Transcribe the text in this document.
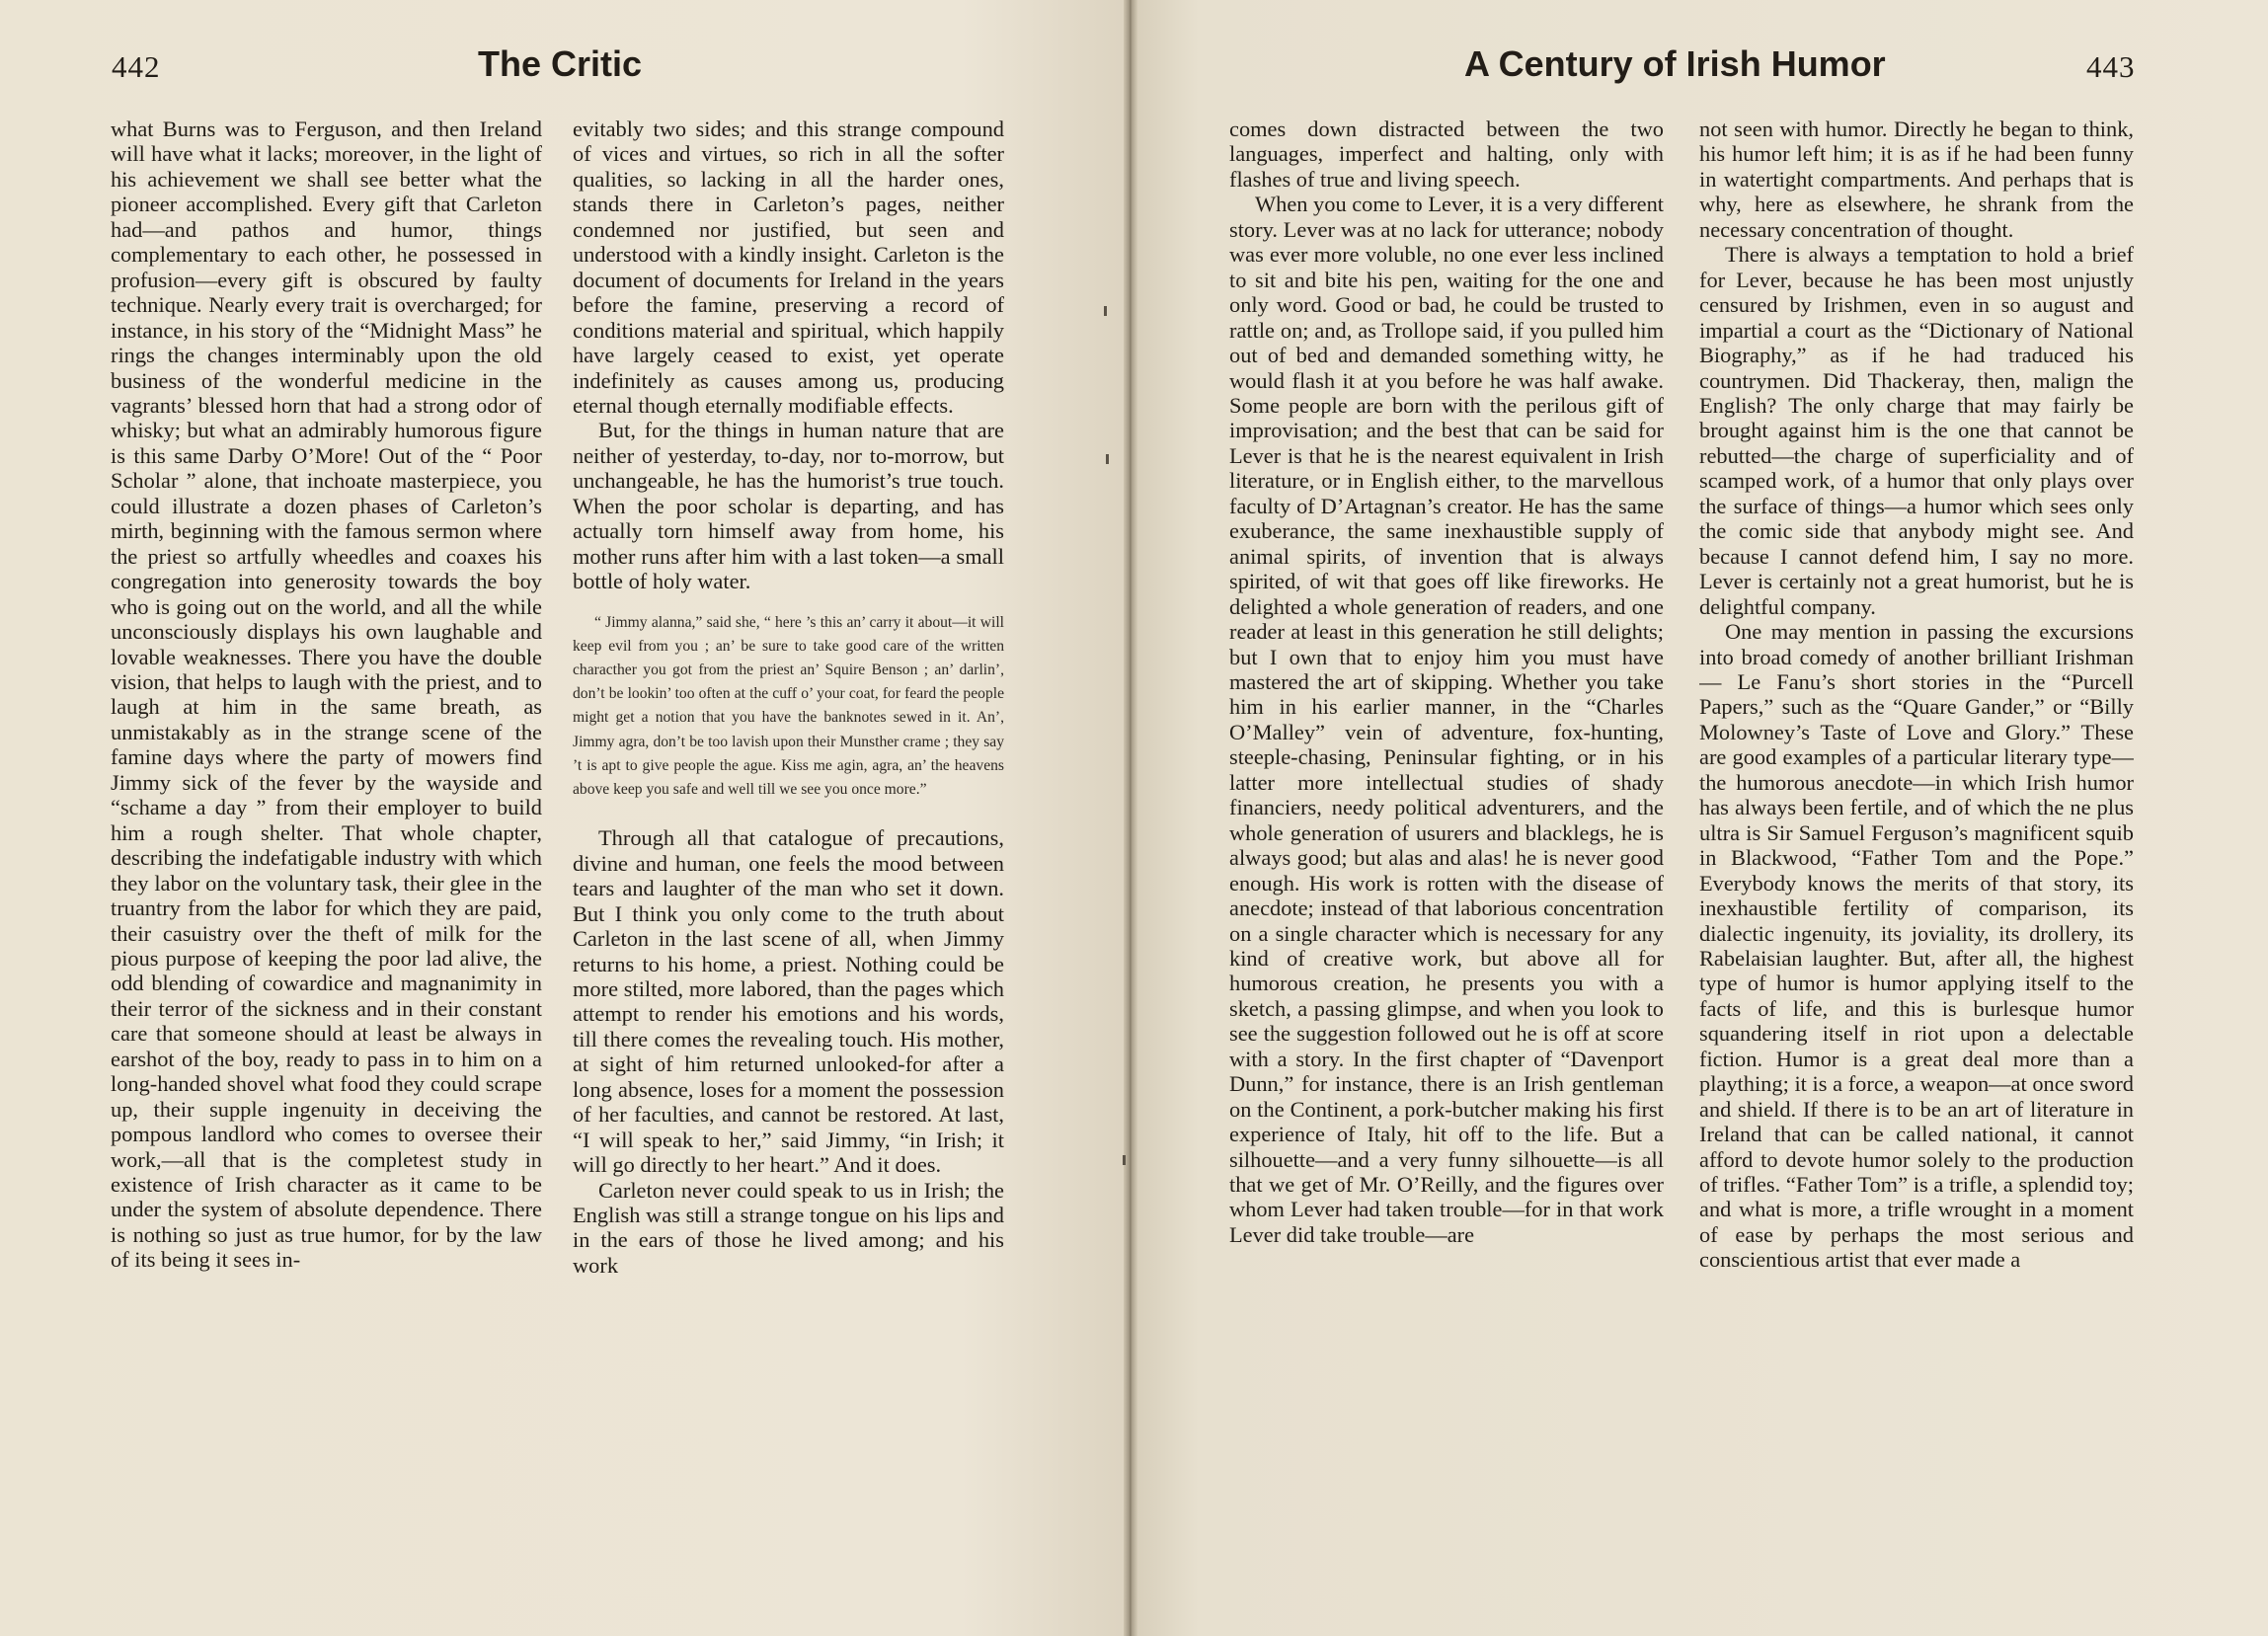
442	The Critic

what Burns was to Ferguson, and then Ireland will have what it lacks; moreover, in the light of his achievement we shall see better what the pioneer accomplished. Every gift that Carleton had—and pathos and humor, things complementary to each other, he possessed in profusion—every gift is obscured by faulty technique. Nearly every trait is overcharged; for instance, in his story of the “Midnight Mass” he rings the changes interminably upon the old business of the wonderful medicine in the vagrants’ blessed horn that had a strong odor of whisky; but what an admirably humorous figure is this same Darby O’More! Out of the “ Poor Scholar ” alone, that inchoate masterpiece, you could illustrate a dozen phases of Carleton’s mirth, beginning with the famous sermon where the priest so artfully wheedles and coaxes his congregation into generosity towards the boy who is going out on the world, and all the while unconsciously displays his own laughable and lovable weaknesses. There you have the double vision, that helps to laugh with the priest, and to laugh at him in the same breath, as unmistakably as in the strange scene of the famine days where the party of mowers find Jimmy sick of the fever by the wayside and “schame a day ” from their employer to build him a rough shelter. That whole chapter, describing the indefatigable industry with which they labor on the voluntary task, their glee in the truantry from the labor for which they are paid, their casuistry over the theft of milk for the pious purpose of keeping the poor lad alive, the odd blending of cowardice and magnanimity in their terror of the sickness and in their constant care that someone should at least be always in earshot of the boy, ready to pass in to him on a long-handed shovel what food they could scrape up, their supple ingenuity in deceiving the pompous landlord who comes to oversee their work,—all that is the completest study in existence of Irish character as it came to be under the system of absolute dependence. There is nothing so just as true humor, for by the law of its being it sees in-

evitably two sides; and this strange compound of vices and virtues, so rich in all the softer qualities, so lacking in all the harder ones, stands there in Carleton’s pages, neither condemned nor justified, but seen and understood with a kindly insight. Carleton is the document of documents for Ireland in the years before the famine, preserving a record of conditions material and spiritual, which happily have largely ceased to exist, yet operate indefinitely as causes among us, producing eternal though eternally modifiable effects.

But, for the things in human nature that are neither of yesterday, to-day, nor to-morrow, but unchangeable, he has the humorist’s true touch. When the poor scholar is departing, and has actually torn himself away from home, his mother runs after him with a last token—a small bottle of holy water.

“ Jimmy alanna,” said she, “ here ’s this an’ carry it about—it will keep evil from you ; an’ be sure to take good care of the written characther you got from the priest an’ Squire Benson ; an’ darlin’, don’t be lookin’ too often at the cuff o’ your coat, for feard the people might get a notion that you have the banknotes sewed in it. An’, Jimmy agra, don’t be too lavish upon their Munsther crame ; they say ’t is apt to give people the ague. Kiss me agin, agra, an’ the heavens above keep you safe and well till we see you once more.”

Through all that catalogue of precautions, divine and human, one feels the mood between tears and laughter of the man who set it down. But I think you only come to the truth about Carleton in the last scene of all, when Jimmy returns to his home, a priest. Nothing could be more stilted, more labored, than the pages which attempt to render his emotions and his words, till there comes the revealing touch. His mother, at sight of him returned unlooked-for after a long absence, loses for a moment the possession of her faculties, and cannot be restored. At last, “I will speak to her,” said Jimmy, “in Irish; it will go directly to her heart.” And it does.

Carleton never could speak to us in Irish; the English was still a strange tongue on his lips and in the ears of those he lived among; and his work

A Century of Irish Humor	443

comes down distracted between the two languages, imperfect and halting, only with flashes of true and living speech.

When you come to Lever, it is a very different story. Lever was at no lack for utterance; nobody was ever more voluble, no one ever less inclined to sit and bite his pen, waiting for the one and only word. Good or bad, he could be trusted to rattle on; and, as Trollope said, if you pulled him out of bed and demanded something witty, he would flash it at you before he was half awake. Some people are born with the perilous gift of improvisation; and the best that can be said for Lever is that he is the nearest equivalent in Irish literature, or in English either, to the marvellous faculty of D’Artagnan’s creator. He has the same exuberance, the same inexhaustible supply of animal spirits, of invention that is always spirited, of wit that goes off like fireworks. He delighted a whole generation of readers, and one reader at least in this generation he still delights; but I own that to enjoy him you must have mastered the art of skipping. Whether you take him in his earlier manner, in the “Charles O’Malley” vein of adventure, fox-hunting, steeple-chasing, Peninsular fighting, or in his latter more intellectual studies of shady financiers, needy political adventurers, and the whole generation of usurers and blacklegs, he is always good; but alas and alas! he is never good enough. His work is rotten with the disease of anecdote; instead of that laborious concentration on a single character which is necessary for any kind of creative work, but above all for humorous creation, he presents you with a sketch, a passing glimpse, and when you look to see the suggestion followed out he is off at score with a story. In the first chapter of “Davenport Dunn,” for instance, there is an Irish gentleman on the Continent, a pork-butcher making his first experience of Italy, hit off to the life. But a silhouette—and a very funny silhouette—is all that we get of Mr. O’Reilly, and the figures over whom Lever had taken trouble—for in that work Lever did take trouble—are

not seen with humor. Directly he began to think, his humor left him; it is as if he had been funny in watertight compartments. And perhaps that is why, here as elsewhere, he shrank from the necessary concentration of thought.

There is always a temptation to hold a brief for Lever, because he has been most unjustly censured by Irishmen, even in so august and impartial a court as the “Dictionary of National Biography,” as if he had traduced his countrymen. Did Thackeray, then, malign the English? The only charge that may fairly be brought against him is the one that cannot be rebutted—the charge of superficiality and of scamped work, of a humor that only plays over the surface of things—a humor which sees only the comic side that anybody might see. And because I cannot defend him, I say no more. Lever is certainly not a great humorist, but he is delightful company.

One may mention in passing the excursions into broad comedy of another brilliant Irishman — Le Fanu’s short stories in the “Purcell Papers,” such as the “Quare Gander,” or “Billy Molowney’s Taste of Love and Glory.” These are good examples of a particular literary type—the humorous anecdote—in which Irish humor has always been fertile, and of which the ne plus ultra is Sir Samuel Ferguson’s magnificent squib in Blackwood, “Father Tom and the Pope.” Everybody knows the merits of that story, its inexhaustible fertility of comparison, its dialectic ingenuity, its joviality, its drollery, its Rabelaisian laughter. But, after all, the highest type of humor is humor applying itself to the facts of life, and this is burlesque humor squandering itself in riot upon a delectable fiction. Humor is a great deal more than a plaything; it is a force, a weapon—at once sword and shield. If there is to be an art of literature in Ireland that can be called national, it cannot afford to devote humor solely to the production of trifles. “Father Tom” is a trifle, a splendid toy; and what is more, a trifle wrought in a moment of ease by perhaps the most serious and conscientious artist that ever made a
